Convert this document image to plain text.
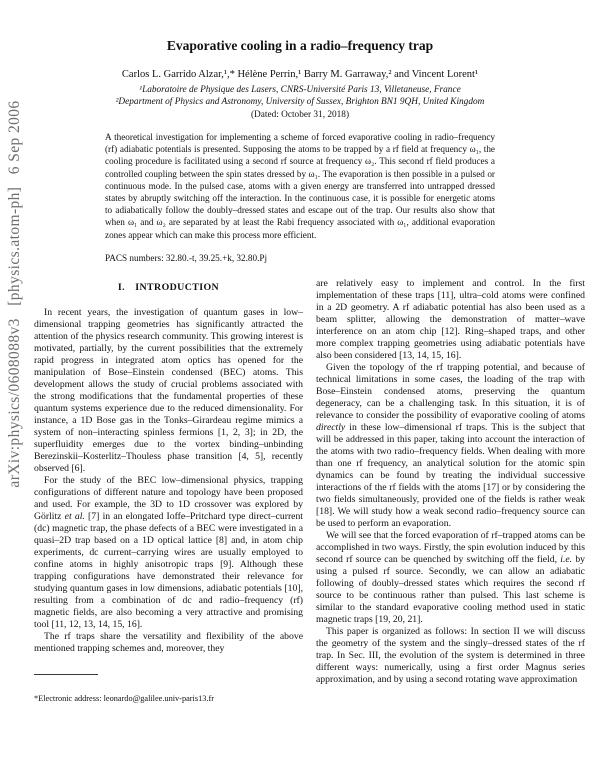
arXiv:physics/0608088v3  [physics.atom-ph]  6 Sep 2006
Evaporative cooling in a radio–frequency trap
Carlos L. Garrido Alzar,¹,* Hélène Perrin,¹ Barry M. Garraway,² and Vincent Lorent¹
¹Laboratoire de Physique des Lasers, CNRS-Université Paris 13, Villetaneuse, France
²Department of Physics and Astronomy, University of Sussex, Brighton BN1 9QH, United Kingdom
(Dated: October 31, 2018)
A theoretical investigation for implementing a scheme of forced evaporative cooling in radio–frequency (rf) adiabatic potentials is presented. Supposing the atoms to be trapped by a rf field at frequency ω₁, the cooling procedure is facilitated using a second rf source at frequency ω₂. This second rf field produces a controlled coupling between the spin states dressed by ω₁. The evaporation is then possible in a pulsed or continuous mode. In the pulsed case, atoms with a given energy are transferred into untrapped dressed states by abruptly switching off the interaction. In the continuous case, it is possible for energetic atoms to adiabatically follow the doubly–dressed states and escape out of the trap. Our results also show that when ω₁ and ω₂ are separated by at least the Rabi frequency associated with ω₁, additional evaporation zones appear which can make this process more efficient.
PACS numbers: 32.80.-t, 39.25.+k, 32.80.Pj
I. INTRODUCTION

In recent years, the investigation of quantum gases in low–dimensional trapping geometries has significantly attracted the attention of the physics research community. This growing interest is motivated, partially, by the current possibilities that the extremely rapid progress in integrated atom optics has opened for the manipulation of Bose–Einstein condensed (BEC) atoms. This development allows the study of crucial problems associated with the strong modifications that the fundamental properties of these quantum systems experience due to the reduced dimensionality. For instance, a 1D Bose gas in the Tonks–Girardeau regime mimics a system of non–interacting spinless fermions [1, 2, 3]; in 2D, the superfluidity emerges due to the vortex binding–unbinding Berezinskii–Kosterlitz–Thouless phase transition [4, 5], recently observed [6].

For the study of the BEC low–dimensional physics, trapping configurations of different nature and topology have been proposed and used. For example, the 3D to 1D crossover was explored by Görlitz et al. [7] in an elongated Ioffe–Pritchard type direct–current (dc) magnetic trap, the phase defects of a BEC were investigated in a quasi–2D trap based on a 1D optical lattice [8] and, in atom chip experiments, dc current–carrying wires are usually employed to confine atoms in highly anisotropic traps [9]. Although these trapping configurations have demonstrated their relevance for studying quantum gases in low dimensions, adiabatic potentials [10], resulting from a combination of dc and radio–frequency (rf) magnetic fields, are also becoming a very attractive and promising tool [11, 12, 13, 14, 15, 16].

The rf traps share the versatility and flexibility of the above mentioned trapping schemes and, moreover, they

are relatively easy to implement and control. In the first implementation of these traps [11], ultra–cold atoms were confined in a 2D geometry. A rf adiabatic potential has also been used as a beam splitter, allowing the demonstration of matter–wave interference on an atom chip [12]. Ring–shaped traps, and other more complex trapping geometries using adiabatic potentials have also been considered [13, 14, 15, 16].

Given the topology of the rf trapping potential, and because of technical limitations in some cases, the loading of the trap with Bose–Einstein condensed atoms, preserving the quantum degeneracy, can be a challenging task. In this situation, it is of relevance to consider the possibility of evaporative cooling of atoms directly in these low–dimensional rf traps. This is the subject that will be addressed in this paper, taking into account the interaction of the atoms with two radio–frequency fields. When dealing with more than one rf frequency, an analytical solution for the atomic spin dynamics can be found by treating the individual successive interactions of the rf fields with the atoms [17] or by considering the two fields simultaneously, provided one of the fields is rather weak [18]. We will study how a weak second radio–frequency source can be used to perform an evaporation.

We will see that the forced evaporation of rf–trapped atoms can be accomplished in two ways. Firstly, the spin evolution induced by this second rf source can be quenched by switching off the field, i.e. by using a pulsed rf source. Secondly, we can allow an adiabatic following of doubly–dressed states which requires the second rf source to be continuous rather than pulsed. This last scheme is similar to the standard evaporative cooling method used in static magnetic traps [19, 20, 21].

This paper is organized as follows: In section II we will discuss the geometry of the system and the singly–dressed states of the rf trap. In Sec. III, the evolution of the system is determined in three different ways: numerically, using a first order Magnus series approximation, and by using a second rotating wave approximation

*Electronic address: leonardo@galilee.univ-paris13.fr
